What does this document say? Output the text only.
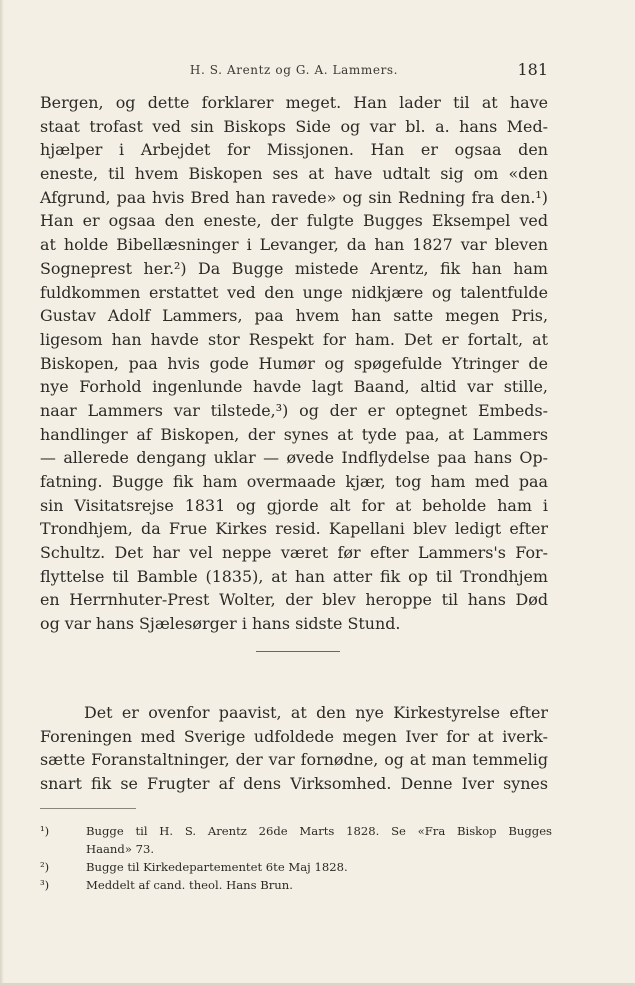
H. S. Arentz og G. A. Lammers.	181
Bergen, og dette forklarer meget. Han lader til at have
staat trofast ved sin Biskops Side og var bl. a. hans Med-
hjælper i Arbejdet for Missjonen. Han er ogsaa den
eneste, til hvem Biskopen ses at have udtalt sig om «den
Afgrund, paa hvis Bred han ravede» og sin Redning fra den.¹)
Han er ogsaa den eneste, der fulgte Bugges Eksempel ved
at holde Bibellæsninger i Levanger, da han 1827 var bleven
Sogneprest her.²) Da Bugge mistede Arentz, fik han ham
fuldkommen erstattet ved den unge nidkjære og talentfulde
Gustav Adolf Lammers, paa hvem han satte megen Pris,
ligesom han havde stor Respekt for ham. Det er fortalt, at
Biskopen, paa hvis gode Humør og spøgefulde Ytringer de
nye Forhold ingenlunde havde lagt Baand, altid var stille,
naar Lammers var tilstede,³) og der er optegnet Embeds-
handlinger af Biskopen, der synes at tyde paa, at Lammers
— allerede dengang uklar — øvede Indflydelse paa hans Op-
fatning. Bugge fik ham overmaade kjær, tog ham med paa
sin Visitatsrejse 1831 og gjorde alt for at beholde ham i
Trondhjem, da Frue Kirkes resid. Kapellani blev ledigt efter
Schultz. Det har vel neppe været før efter Lammers's For-
flyttelse til Bamble (1835), at han atter fik op til Trondhjem
en Herrnhuter-Prest Wolter, der blev heroppe til hans Død
og var hans Sjælesørger i hans sidste Stund.
Det er ovenfor paavist, at den nye Kirkestyrelse efter
Foreningen med Sverige udfoldede megen Iver for at iverk-
sætte Foranstaltninger, der var fornødne, og at man temmelig
snart fik se Frugter af dens Virksomhed. Denne Iver synes
¹)	Bugge til H. S. Arentz 26de Marts 1828. Se «Fra Biskop Bugges
Haand» 73.
²)	Bugge til Kirkedepartementet 6te Maj 1828.
³)	Meddelt af cand. theol. Hans Brun.
